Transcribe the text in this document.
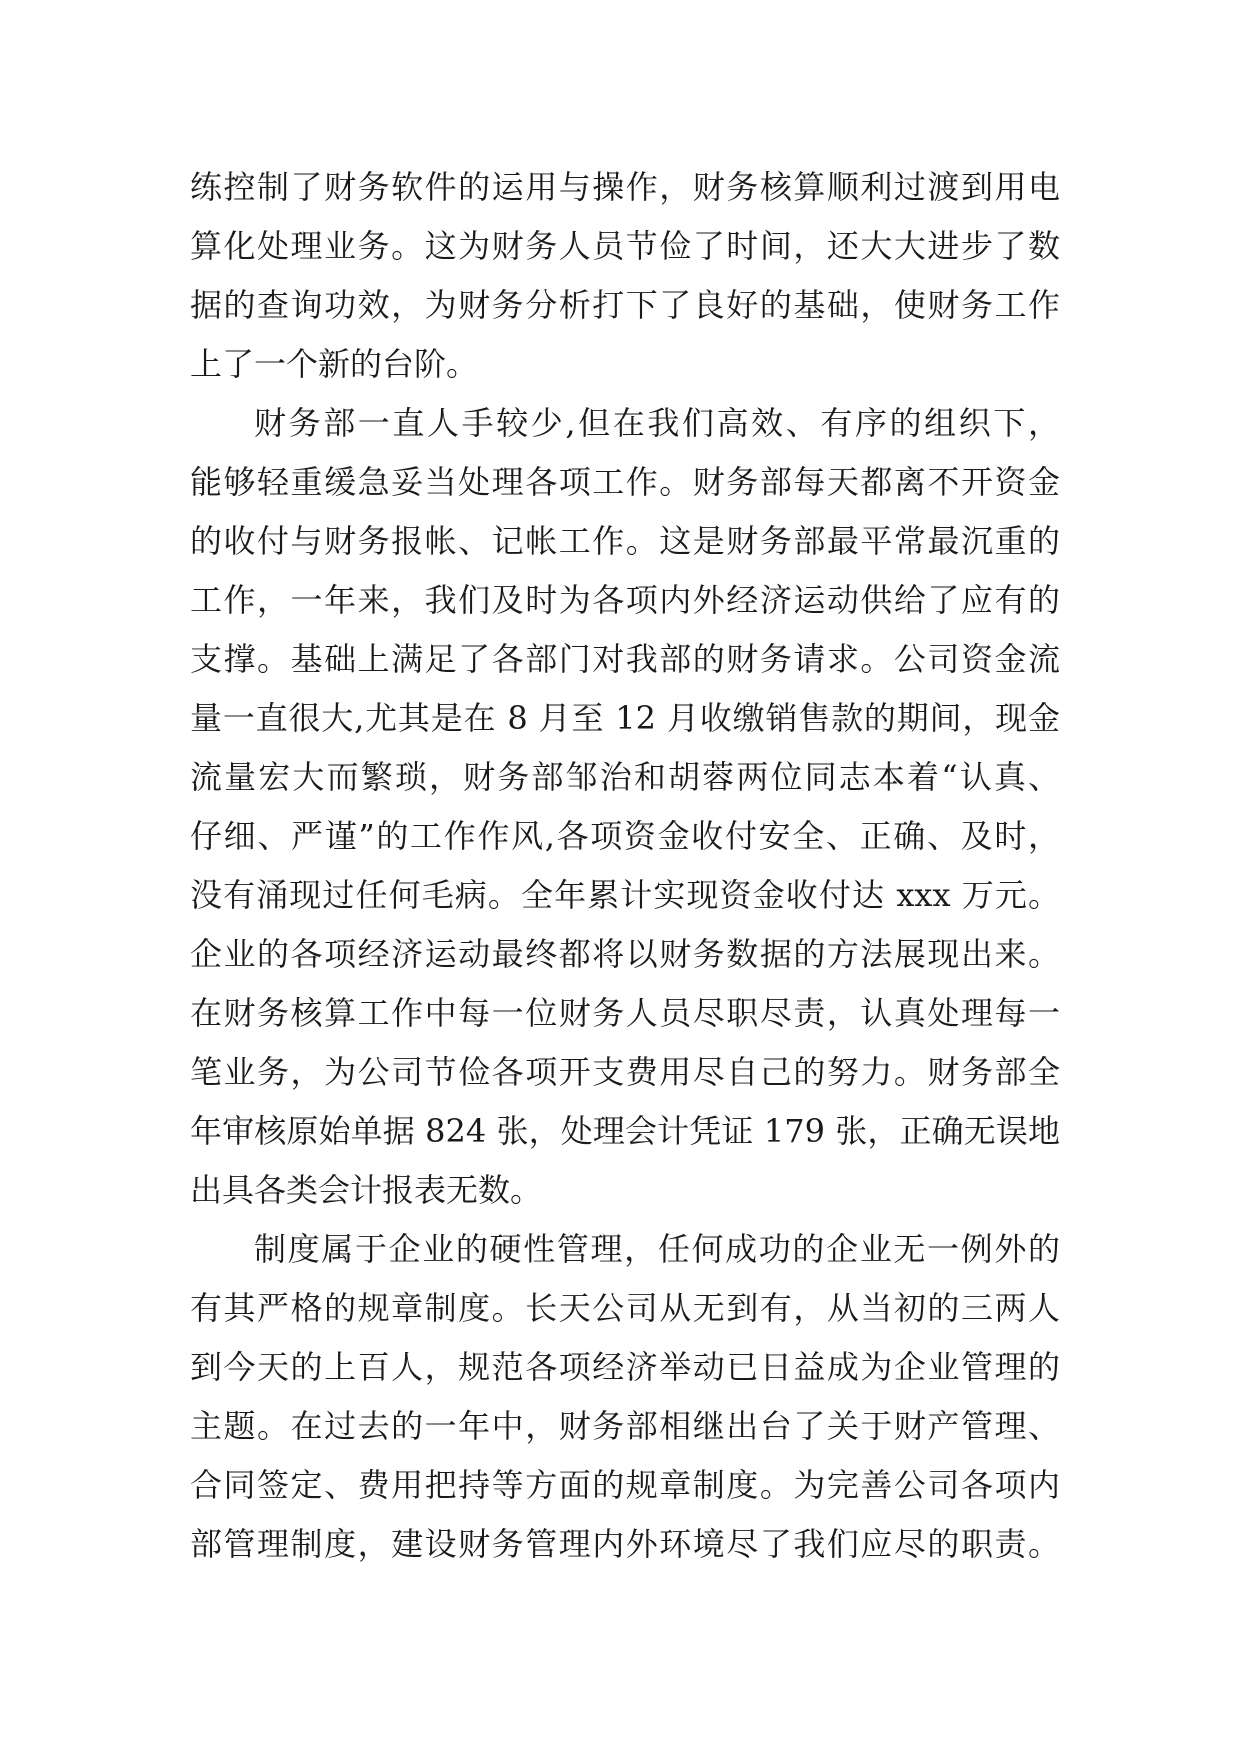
练控制了财务软件的运用与操作，财务核算顺利过渡到用电
算化处理业务。这为财务人员节俭了时间，还大大进步了数
据的查询功效，为财务分析打下了良好的基础，使财务工作
上了一个新的台阶。
财务部一直人手较少,但在我们高效、有序的组织下，
能够轻重缓急妥当处理各项工作。财务部每天都离不开资金
的收付与财务报帐、记帐工作。这是财务部最平常最沉重的
工作，一年来，我们及时为各项内外经济运动供给了应有的
支撑。基础上满足了各部门对我部的财务请求。公司资金流
量一直很大,尤其是在 8 月至 12 月收缴销售款的期间，现金
流量宏大而繁琐，财务部邹治和胡蓉两位同志本着“认真、
仔细、严谨”的工作作风,各项资金收付安全、正确、及时，
没有涌现过任何毛病。全年累计实现资金收付达 xxx 万元。
企业的各项经济运动最终都将以财务数据的方法展现出来。
在财务核算工作中每一位财务人员尽职尽责，认真处理每一
笔业务，为公司节俭各项开支费用尽自己的努力。财务部全
年审核原始单据 824 张，处理会计凭证 179 张，正确无误地
出具各类会计报表无数。
制度属于企业的硬性管理，任何成功的企业无一例外的
有其严格的规章制度。长天公司从无到有，从当初的三两人
到今天的上百人，规范各项经济举动已日益成为企业管理的
主题。在过去的一年中，财务部相继出台了关于财产管理、
合同签定、费用把持等方面的规章制度。为完善公司各项内
部管理制度，建设财务管理内外环境尽了我们应尽的职责。
